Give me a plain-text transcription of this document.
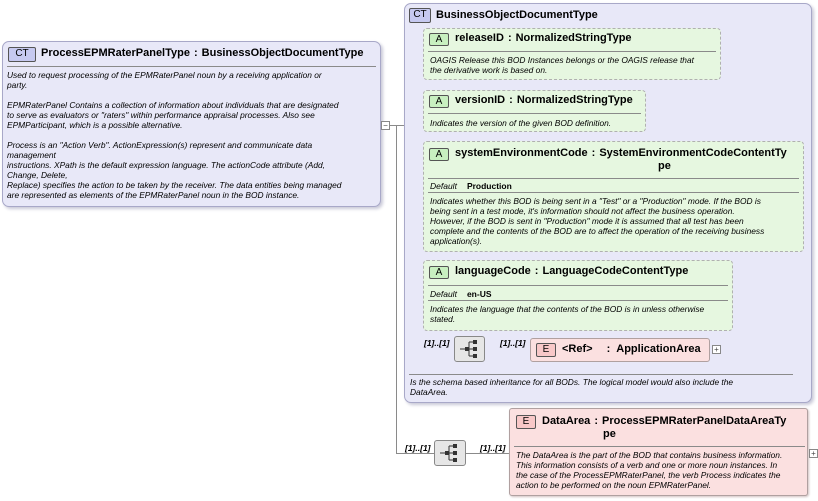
CT	ProcessEPMRaterPanelType : BusinessObjectDocumentType
Used to request processing of the EPMRaterPanel noun by a receiving application or
party.
EPMRaterPanel Contains a collection of information about individuals that are designated
to serve as evaluators or "raters" within performance appraisal processes. Also see
EPMParticipant, which is a possible alternative.
Process is an "Action Verb". ActionExpression(s) represent and communicate data
management
instructions. XPath is the default expression language. The actionCode attribute (Add,
Change, Delete,
Replace) specifies the action to be taken by the receiver. The data entities being managed
are represented as elements of the EPMRaterPanel noun in the BOD instance.
−
CT BusinessObjectDocumentType
Is the schema based inheritance for all BODs. The logical model would also include the
DataArea.
A	releaseID : NormalizedStringType
OAGIS Release this BOD Instances belongs or the OAGIS release that
the derivative work is based on.
A	versionID : NormalizedStringType
Indicates the version of the given BOD definition.
A	systemEnvironmentCode : SystemEnvironmentCodeContentTy
pe
Default Production
Indicates whether this BOD is being sent in a "Test" or a "Production" mode. If the BOD is
being sent in a test mode, it's information should not affect the business operation.
However, if the BOD is sent in "Production" mode it is assumed that all test has been
complete and the contents of the BOD are to affect the operation of the receiving business
application(s).
A	languageCode : LanguageCodeContentType
Default en-US
Indicates the language that the contents of the BOD is in unless otherwise
stated.
[1]..[1]	[1]..[1]
E	<Ref> : ApplicationArea +
[1]..[1]	[1]..[1]
E	DataArea : ProcessEPMRaterPanelDataAreaTy
pe
The DataArea is the part of the BOD that contains business information.
This information consists of a verb and one or more noun instances. In
the case of the ProcessEPMRaterPanel, the verb Process indicates the
action to be performed on the noun EPMRaterPanel.
+
